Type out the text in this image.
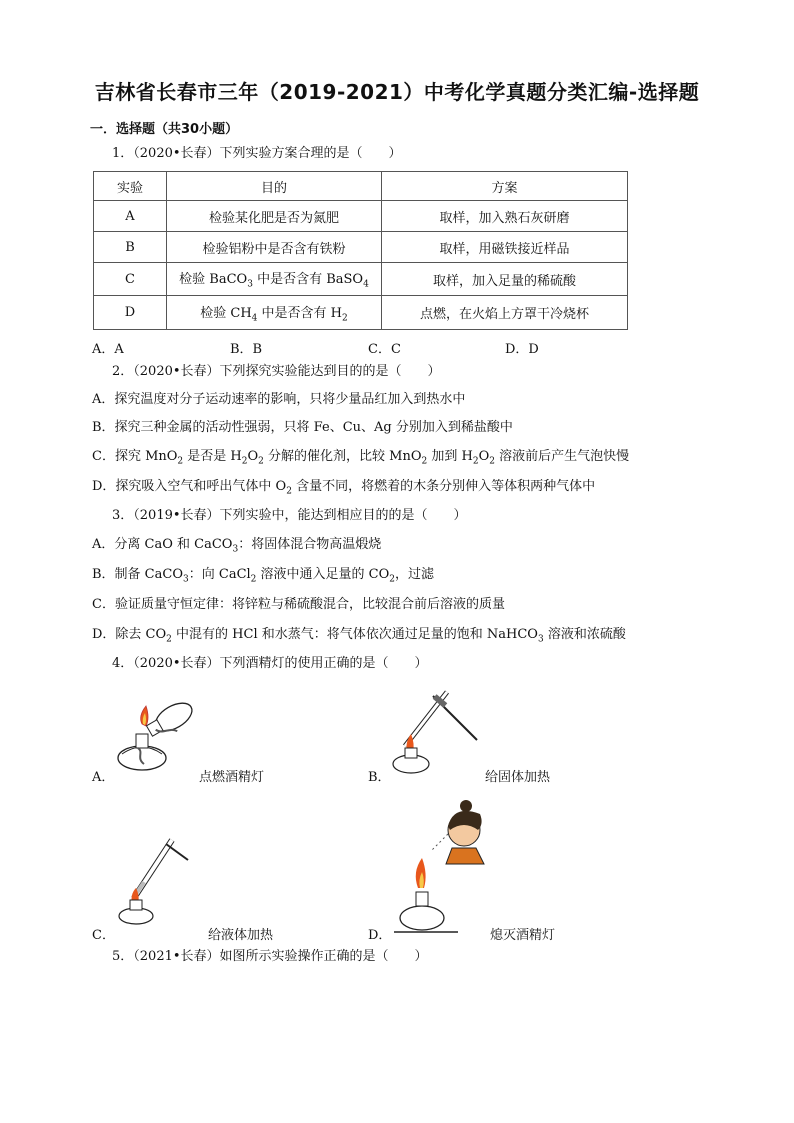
吉林省长春市三年（2019-2021）中考化学真题分类汇编-选择题
一．选择题（共30小题）
1．（2020•长春）下列实验方案合理的是（　　）
实验	目的	方案
A	检验某化肥是否为氮肥	取样，加入熟石灰研磨
B	检验铝粉中是否含有铁粉	取样，用磁铁接近样品
C	检验 BaCO$_3$ 中是否含有 BaSO$_4$	取样，加入足量的稀硫酸
D	检验 $CH_4$ 中是否含有 $H_2$	点燃，在火焰上方罩干冷烧杯
A．A	B．B	C．C	D．D
2．（2020•长春）下列探究实验能达到目的的是（　　）
A．探究温度对分子运动速率的影响，只将少量品红加入到热水中
B．探究三种金属的活动性强弱，只将 Fe、Cu、Ag 分别加入到稀盐酸中
C．探究 MnO$_2$ 是否是 $H_2O_2$ 分解的催化剂，比较 MnO$_2$ 加到 $H_2O_2$ 溶液前后产生气泡快慢
D．探究吸入空气和呼出气体中 $O_2$ 含量不同，将燃着的木条分别伸入等体积两种气体中
3．（2019•长春）下列实验中，能达到相应目的的是（　　）
A．分离 CaO 和 CaCO$_3$：将固体混合物高温煅烧
B．制备 CaCO$_3$：向 CaCl$_2$ 溶液中通入足量的 $CO_2$，过滤
C．验证质量守恒定律：将锌粒与稀硫酸混合，比较混合前后溶液的质量
D．除去 $CO_2$ 中混有的 HCl 和水蒸气：将气体依次通过足量的饱和 NaHCO$_3$ 溶液和浓硫酸
4．（2020•长春）下列酒精灯的使用正确的是（　　）
A．	点燃酒精灯	B．	给固体加热
C．	给液体加热	D．	熄灭酒精灯
5．（2021•长春）如图所示实验操作正确的是（　　）
